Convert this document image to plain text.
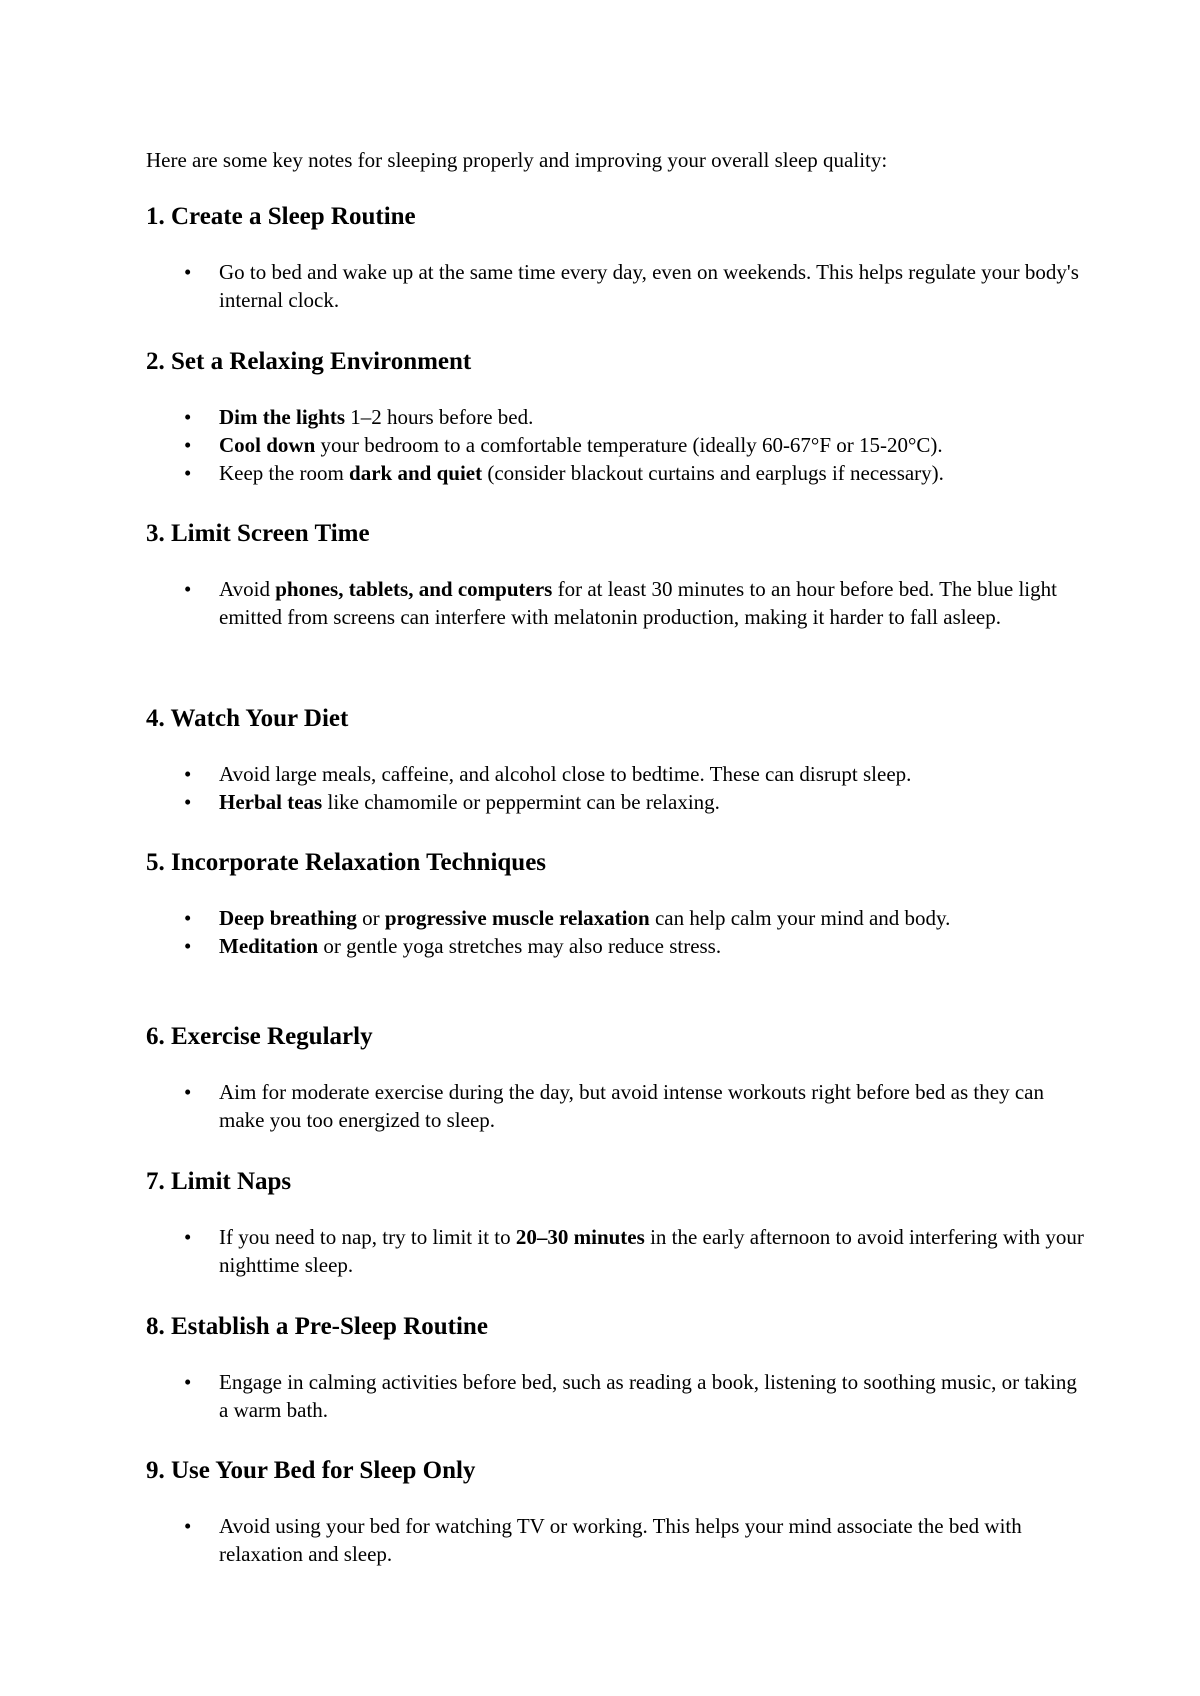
Here are some key notes for sleeping properly and improving your overall sleep quality:

1. Create a Sleep Routine
• Go to bed and wake up at the same time every day, even on weekends. This helps regulate your body's internal clock.
2. Set a Relaxing Environment
• Dim the lights 1–2 hours before bed.
• Cool down your bedroom to a comfortable temperature (ideally 60-67°F or 15-20°C).
• Keep the room dark and quiet (consider blackout curtains and earplugs if necessary).
3. Limit Screen Time
• Avoid phones, tablets, and computers for at least 30 minutes to an hour before bed. The blue light emitted from screens can interfere with melatonin production, making it harder to fall asleep.
4. Watch Your Diet
• Avoid large meals, caffeine, and alcohol close to bedtime. These can disrupt sleep.
• Herbal teas like chamomile or peppermint can be relaxing.
5. Incorporate Relaxation Techniques
• Deep breathing or progressive muscle relaxation can help calm your mind and body.
• Meditation or gentle yoga stretches may also reduce stress.
6. Exercise Regularly
• Aim for moderate exercise during the day, but avoid intense workouts right before bed as they can make you too energized to sleep.
7. Limit Naps
• If you need to nap, try to limit it to 20–30 minutes in the early afternoon to avoid interfering with your nighttime sleep.
8. Establish a Pre-Sleep Routine
• Engage in calming activities before bed, such as reading a book, listening to soothing music, or taking a warm bath.
9. Use Your Bed for Sleep Only
• Avoid using your bed for watching TV or working. This helps your mind associate the bed with relaxation and sleep.
